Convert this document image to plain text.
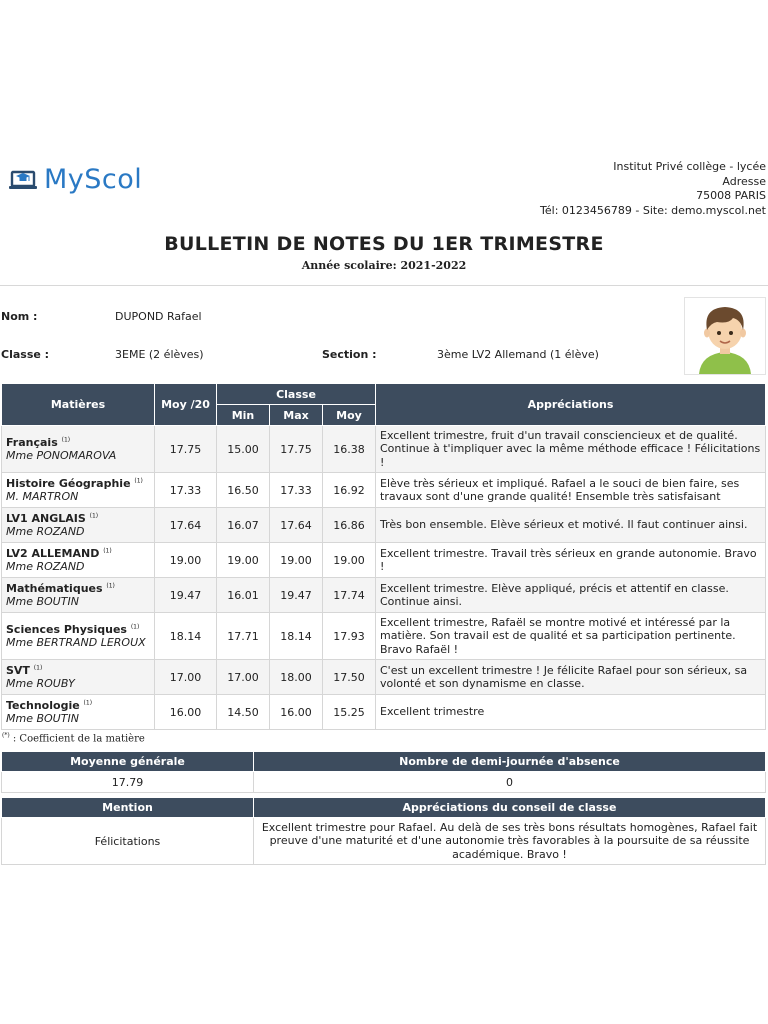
MyScol	Institut Privé collège - lycée
Adresse
75008 PARIS
Tél: 0123456789 - Site: demo.myscol.net
BULLETIN DE NOTES DU 1ER TRIMESTRE
Année scolaire: 2021-2022
Nom :	DUPOND Rafael
Classe :	3EME (2 élèves)	Section :	3ème LV2 Allemand (1 élève)
Matières	Moy /20	Classe			Appréciations
		Min	Max	Moy	

Français $^{(1)}$
Mme PONOMAROVA	17.75	15.00	17.75	16.38	Excellent trimestre, fruit d'un travail consciencieux et de qualité. Continue à t'impliquer avec la même méthode efficace ! Félicitations !

Histoire Géographie $^{(1)}$
M. MARTRON	17.33	16.50	17.33	16.92	Elève très sérieux et impliqué. Rafael a le souci de bien faire, ses travaux sont d'une grande qualité! Ensemble très satisfaisant

LV1 ANGLAIS $^{(1)}$
Mme ROZAND	17.64	16.07	17.64	16.86	Très bon ensemble. Elève sérieux et motivé. Il faut continuer ainsi.

LV2 ALLEMAND $^{(1)}$
Mme ROZAND	19.00	19.00	19.00	19.00	Excellent trimestre. Travail très sérieux en grande autonomie. Bravo !

Mathématiques $^{(1)}$
Mme BOUTIN	19.47	16.01	19.47	17.74	Excellent trimestre. Elève appliqué, précis et attentif en classe. Continue ainsi.

Sciences Physiques $^{(1)}$
Mme BERTRAND LEROUX	18.14	17.71	18.14	17.93	Excellent trimestre, Rafaël se montre motivé et intéressé par la matière. Son travail est de qualité et sa participation pertinente. Bravo Rafaël !

SVT $^{(1)}$
Mme ROUBY	17.00	17.00	18.00	17.50	C'est un excellent trimestre ! Je félicite Rafael pour son sérieux, sa volonté et son dynamisme en classe.

Technologie $^{(1)}$
Mme BOUTIN	16.00	14.50	16.00	15.25	Excellent trimestre
(*) : Coefficient de la matière
Moyenne générale	Nombre de demi-journée d'absence
17.79	0
Mention	Appréciations du conseil de classe
Félicitations	Excellent trimestre pour Rafael. Au delà de ses très bons résultats homogènes, Rafael fait preuve d'une maturité et d'une autonomie très favorables à la poursuite de sa réussite académique. Bravo !
